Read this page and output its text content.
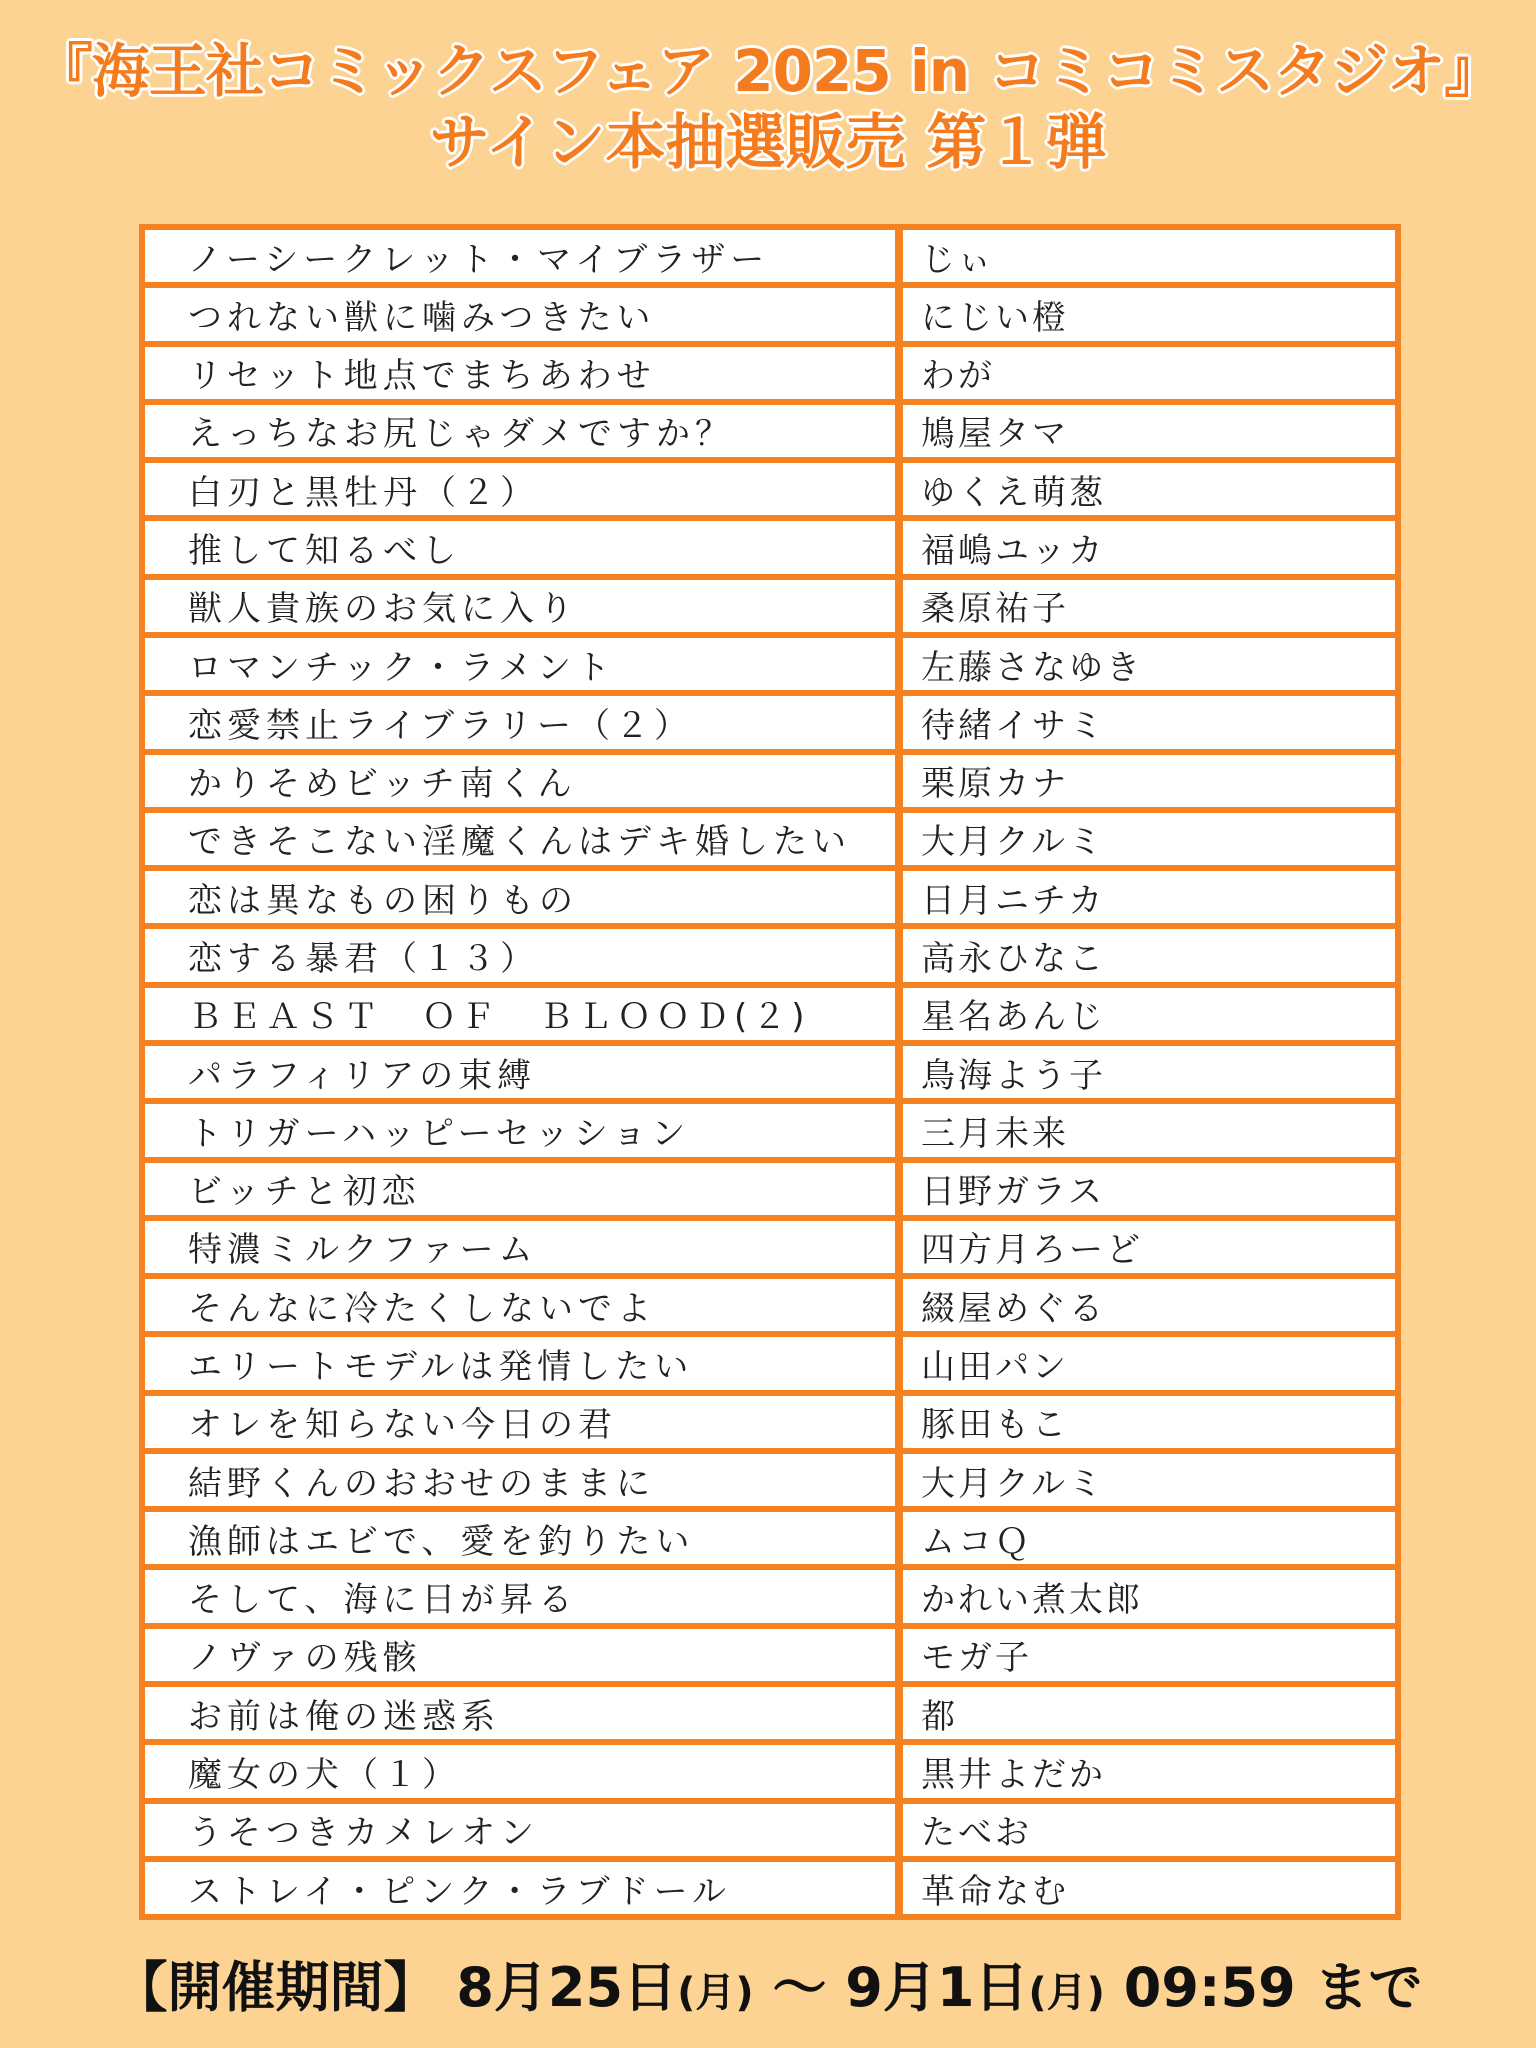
『海王社コミックスフェア 2025 in コミコミスタジオ』
サイン本抽選販売 第１弾
ノーシークレット・マイブラザー	じぃ
つれない獣に噛みつきたい	にじい橙
リセット地点でまちあわせ	わが
えっちなお尻じゃダメですか？	鳩屋タマ
白刃と黒牡丹（２）	ゆくえ萌葱
推して知るべし	福嶋ユッカ
獣人貴族のお気に入り	桑原祐子
ロマンチック・ラメント	左藤さなゆき
恋愛禁止ライブラリー（２）	待緒イサミ
かりそめビッチ南くん	栗原カナ
できそこない淫魔くんはデキ婚したい	大月クルミ
恋は異なもの困りもの	日月ニチカ
恋する暴君（１３）	高永ひなこ
ＢＥＡＳＴ　ＯＦ　ＢＬＯＯＤ(２)	星名あんじ
パラフィリアの束縛	鳥海よう子
トリガーハッピーセッション	三月未来
ビッチと初恋	日野ガラス
特濃ミルクファーム	四方月ろーど
そんなに冷たくしないでよ	綴屋めぐる
エリートモデルは発情したい	山田パン
オレを知らない今日の君	豚田もこ
結野くんのおおせのままに	大月クルミ
漁師はエビで、愛を釣りたい	ムコＱ
そして、海に日が昇る	かれい煮太郎
ノヴァの残骸	モガ子
お前は俺の迷惑系	都
魔女の犬（１）	黒井よだか
うそつきカメレオン	たべお
ストレイ・ピンク・ラブドール	革命なむ
【開催期間】 8月25日(月) 〜 9月1日(月) 09:59 まで
